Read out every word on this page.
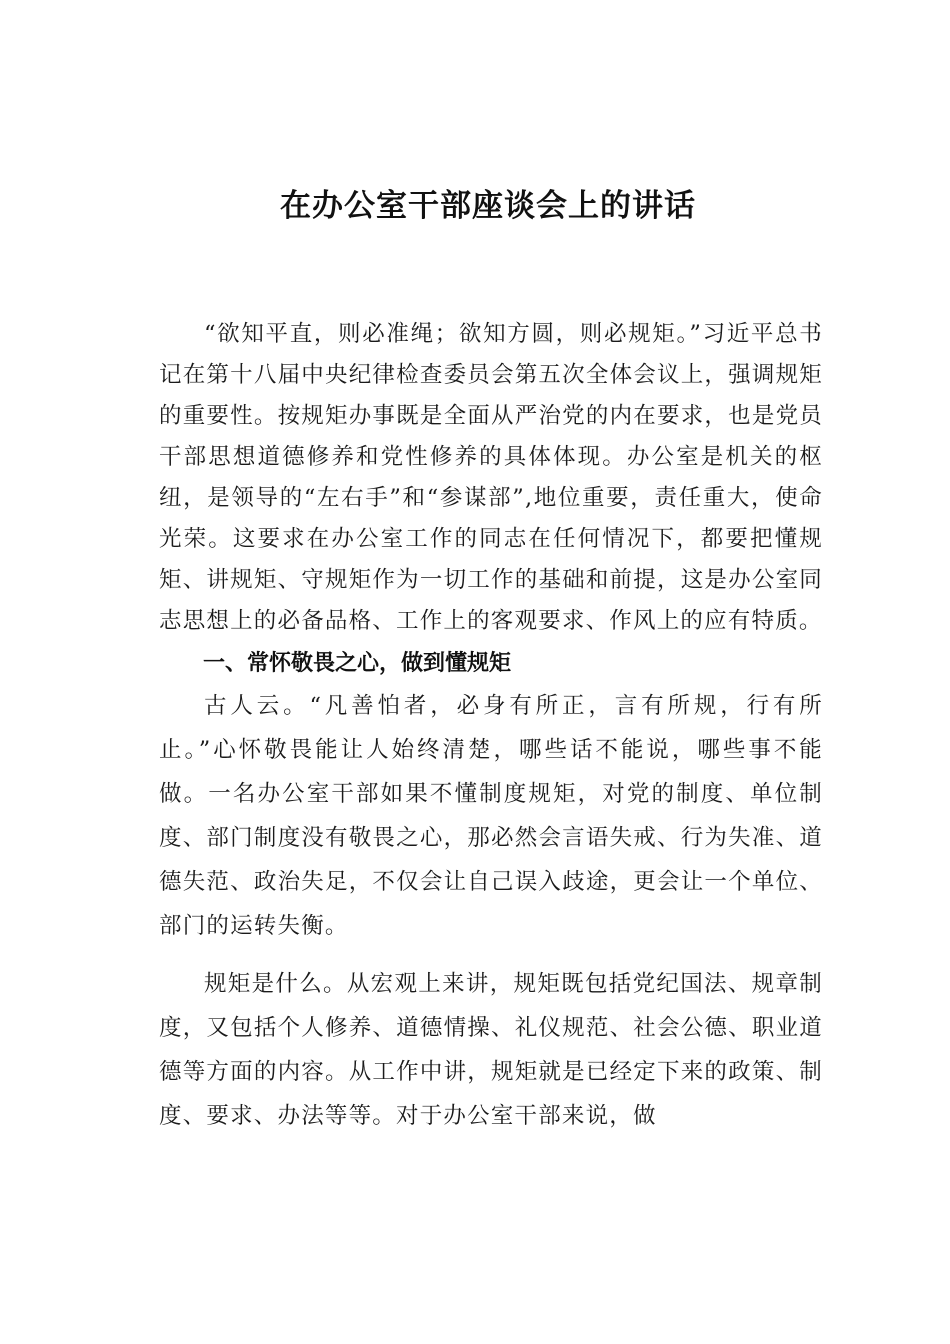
在办公室干部座谈会上的讲话

“欲知平直，则必准绳；欲知方圆，则必规矩。”习近平总书记在第十八届中央纪律检查委员会第五次全体会议上，强调规矩的重要性。按规矩办事既是全面从严治党的内在要求，也是党员干部思想道德修养和党性修养的具体体现。办公室是机关的枢纽，是领导的“左右手”和“参谋部”,地位重要，责任重大，使命光荣。这要求在办公室工作的同志在任何情况下，都要把懂规矩、讲规矩、守规矩作为一切工作的基础和前提，这是办公室同志思想上的必备品格、工作上的客观要求、作风上的应有特质。

一、常怀敬畏之心，做到懂规矩

古人云。“凡善怕者，必身有所正，言有所规，行有所止。”心怀敬畏能让人始终清楚，哪些话不能说，哪些事不能做。一名办公室干部如果不懂制度规矩，对党的制度、单位制度、部门制度没有敬畏之心，那必然会言语失戒、行为失准、道德失范、政治失足，不仅会让自己误入歧途，更会让一个单位、部门的运转失衡。

规矩是什么。从宏观上来讲，规矩既包括党纪国法、规章制度，又包括个人修养、道德情操、礼仪规范、社会公德、职业道德等方面的内容。从工作中讲，规矩就是已经定下来的政策、制度、要求、办法等等。对于办公室干部来说，做
